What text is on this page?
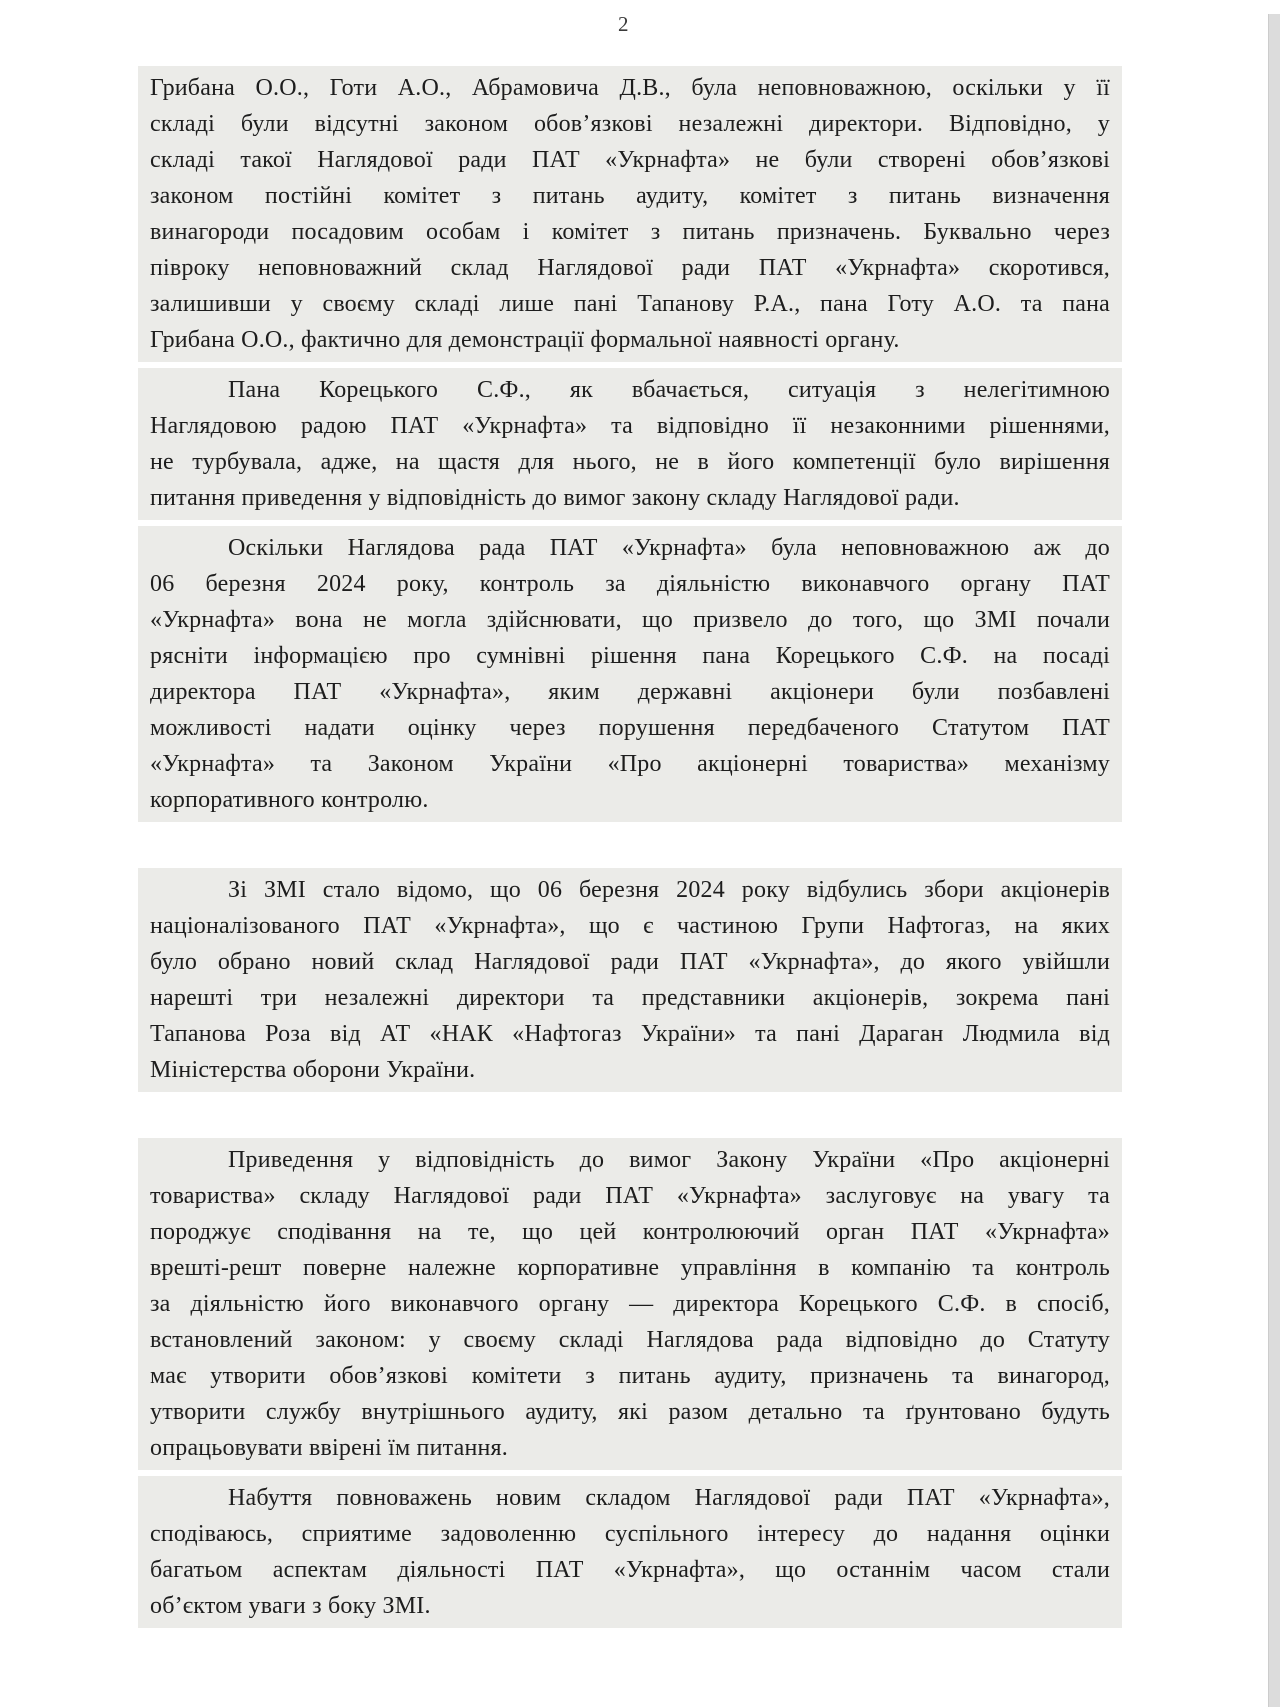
2
Грибана О.О., Готи А.О., Абрамовича Д.В., була неповноважною, оскільки у її
складі були відсутні законом обов’язкові незалежні директори. Відповідно, у
складі такої Наглядової ради ПАТ «Укрнафта» не були створені обов’язкові
законом постійні комітет з питань аудиту, комітет з питань визначення
винагороди посадовим особам і комітет з питань призначень. Буквально через
півроку неповноважний склад Наглядової ради ПАТ «Укрнафта» скоротився,
залишивши у своєму складі лише пані Тапанову Р.А., пана Готу А.О. та пана
Грибана О.О., фактично для демонстрації формальної наявності органу.
Пана Корецького С.Ф., як вбачається, ситуація з нелегітимною
Наглядовою радою ПАТ «Укрнафта» та відповідно її незаконними рішеннями,
не турбувала, адже, на щастя для нього, не в його компетенції було вирішення
питання приведення у відповідність до вимог закону складу Наглядової ради.
Оскільки Наглядова рада ПАТ «Укрнафта» була неповноважною аж до
06 березня 2024 року, контроль за діяльністю виконавчого органу ПАТ
«Укрнафта» вона не могла здійснювати, що призвело до того, що ЗМІ почали
рясніти інформацією про сумнівні рішення пана Корецького С.Ф. на посаді
директора ПАТ «Укрнафта», яким державні акціонери були позбавлені
можливості надати оцінку через порушення передбаченого Статутом ПАТ
«Укрнафта» та Законом України «Про акціонерні товариства» механізму
корпоративного контролю.
Зі ЗМІ стало відомо, що 06 березня 2024 року відбулись збори акціонерів
націоналізованого ПАТ «Укрнафта», що є частиною Групи Нафтогаз, на яких
було обрано новий склад Наглядової ради ПАТ «Укрнафта», до якого увійшли
нарешті три незалежні директори та представники акціонерів, зокрема пані
Тапанова Роза від АТ «НАК «Нафтогаз України» та пані Дараган Людмила від
Міністерства оборони України.
Приведення у відповідність до вимог Закону України «Про акціонерні
товариства» складу Наглядової ради ПАТ «Укрнафта» заслуговує на увагу та
породжує сподівання на те, що цей контролюючий орган ПАТ «Укрнафта»
врешті-решт поверне належне корпоративне управління в компанію та контроль
за діяльністю його виконавчого органу — директора Корецького С.Ф. в спосіб,
встановлений законом: у своєму складі Наглядова рада відповідно до Статуту
має утворити обов’язкові комітети з питань аудиту, призначень та винагород,
утворити службу внутрішнього аудиту, які разом детально та ґрунтовано будуть
опрацьовувати ввірені їм питання.
Набуття повноважень новим складом Наглядової ради ПАТ «Укрнафта»,
сподіваюсь, сприятиме задоволенню суспільного інтересу до надання оцінки
багатьом аспектам діяльності ПАТ «Укрнафта», що останнім часом стали
об’єктом уваги з боку ЗМІ.
